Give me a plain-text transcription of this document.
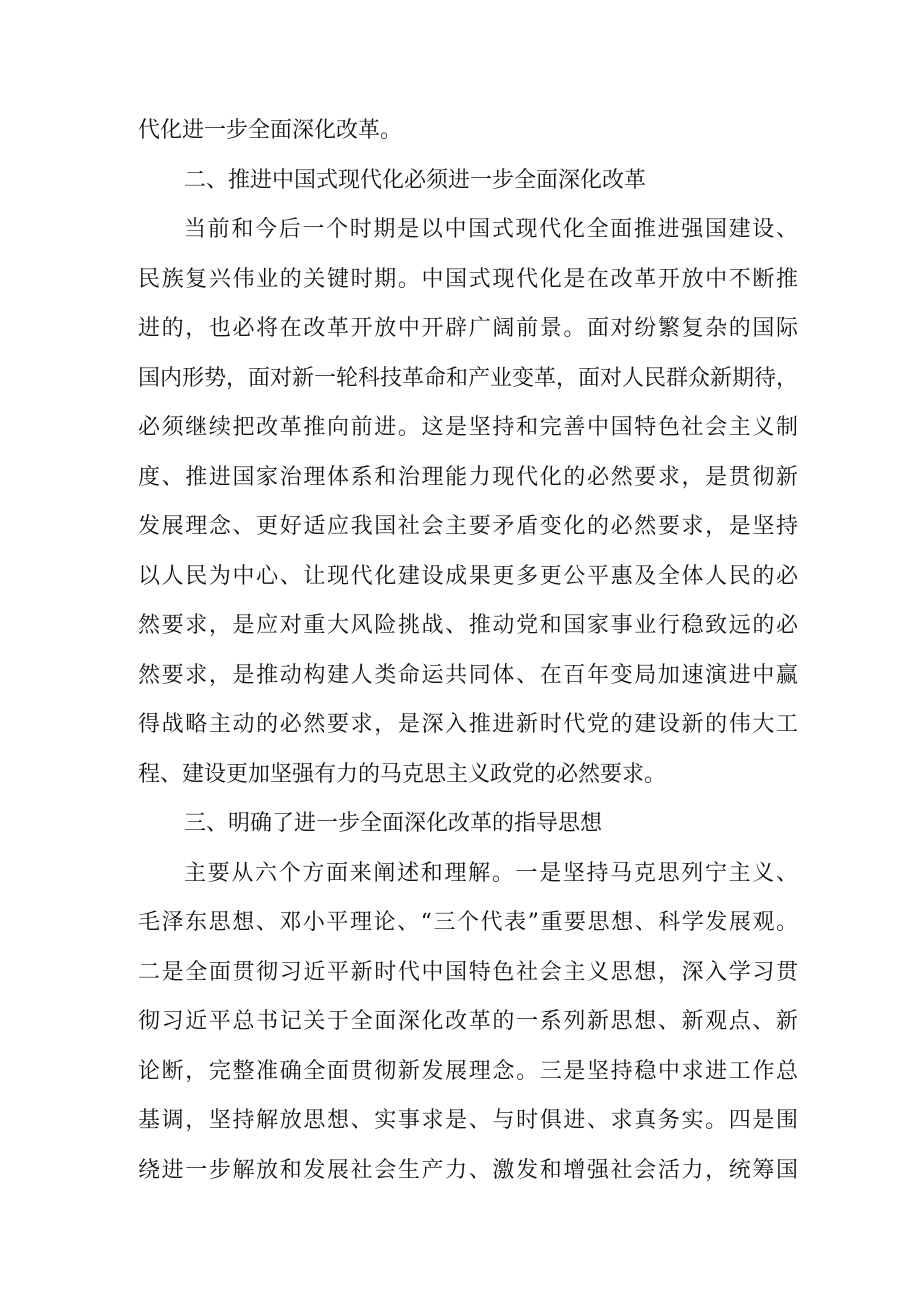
代化进一步全面深化改革。
二、推进中国式现代化必须进一步全面深化改革
当前和今后一个时期是以中国式现代化全面推进强国建设、
民族复兴伟业的关键时期。中国式现代化是在改革开放中不断推
进的，也必将在改革开放中开辟广阔前景。面对纷繁复杂的国际
国内形势，面对新一轮科技革命和产业变革，面对人民群众新期待，
必须继续把改革推向前进。这是坚持和完善中国特色社会主义制
度、推进国家治理体系和治理能力现代化的必然要求，是贯彻新
发展理念、更好适应我国社会主要矛盾变化的必然要求，是坚持
以人民为中心、让现代化建设成果更多更公平惠及全体人民的必
然要求，是应对重大风险挑战、推动党和国家事业行稳致远的必
然要求，是推动构建人类命运共同体、在百年变局加速演进中赢
得战略主动的必然要求，是深入推进新时代党的建设新的伟大工
程、建设更加坚强有力的马克思主义政党的必然要求。
三、明确了进一步全面深化改革的指导思想
主要从六个方面来阐述和理解。一是坚持马克思列宁主义、
毛泽东思想、邓小平理论、“三个代表”重要思想、科学发展观。
二是全面贯彻习近平新时代中国特色社会主义思想，深入学习贯
彻习近平总书记关于全面深化改革的一系列新思想、新观点、新
论断，完整准确全面贯彻新发展理念。三是坚持稳中求进工作总
基调，坚持解放思想、实事求是、与时俱进、求真务实。四是围
绕进一步解放和发展社会生产力、激发和增强社会活力，统筹国
